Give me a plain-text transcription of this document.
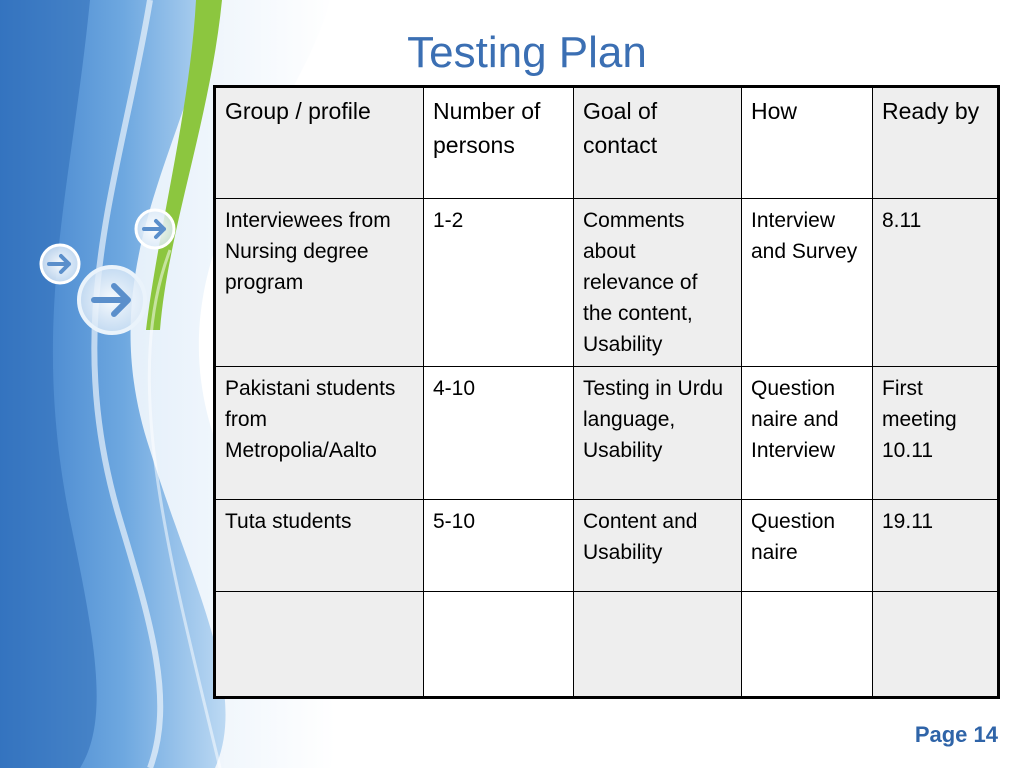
Testing Plan
Group / profile	Number of persons	Goal of contact	How	Ready by
Interviewees from Nursing degree program	1-2	Comments about relevance of the content, Usability	Interview and Survey	8.11
Pakistani students from Metropolia/Aalto	4-10	Testing in Urdu language, Usability	Question naire and Interview	First meeting 10.11
Tuta students	5-10	Content and Usability	Question naire	19.11

Page 14
